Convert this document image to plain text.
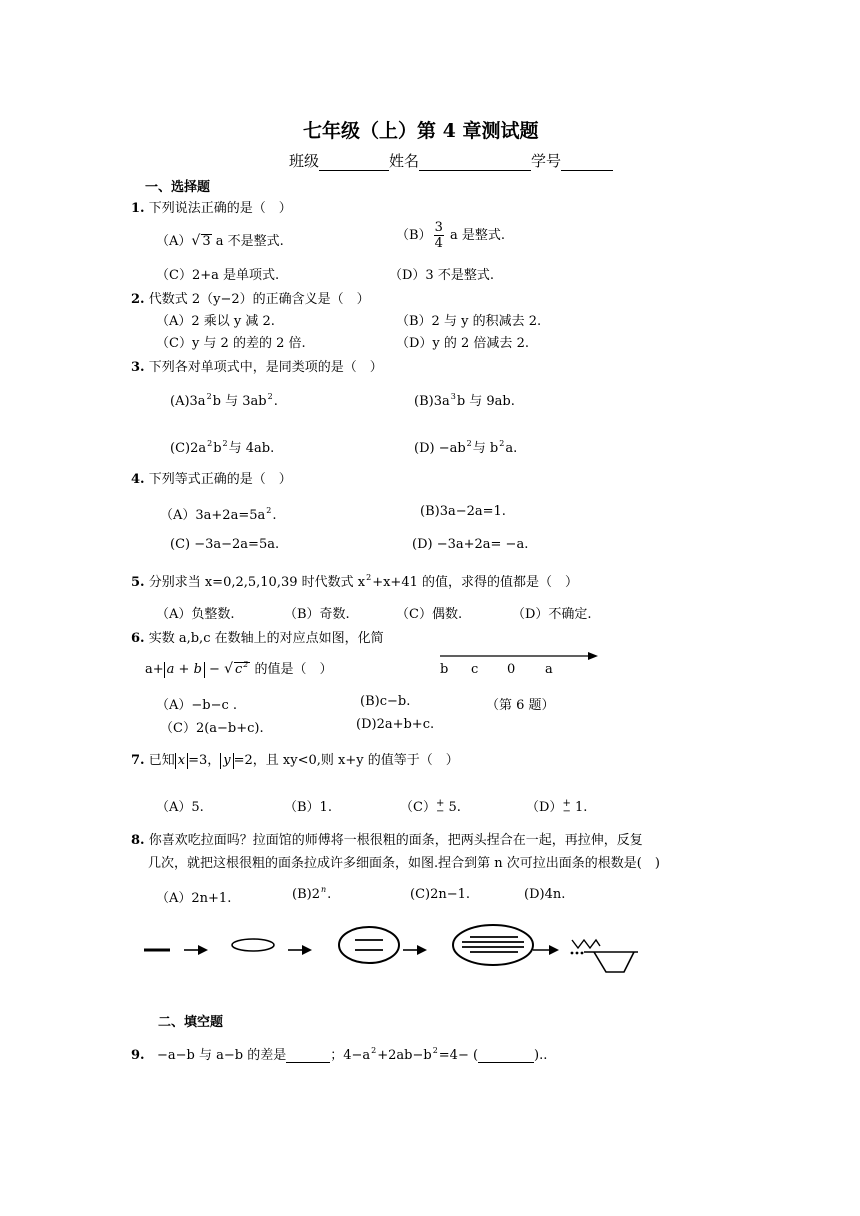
七年级（上）第 4 章测试题
班级	姓名	学号
一、选择题
1. 下列说法正确的是（　）
（A）√ 3 a 不是整式.	$(B) \frac{3}{4}$ a 是整式.
（C）2+a 是单项式.	（D）3 不是整式.
2. 代数式 2（y−2）的正确含义是（　）
（A）2 乘以 y 减 2.	（B）2 与 y 的积减去 2.
（C）y 与 2 的差的 2 倍.	（D）y 的 2 倍减去 2.
3. 下列各对单项式中，是同类项的是（　）
$(A)3a^2b$ 与 $3ab^2$.	$(B)3a^3b$ 与 9ab.
$(C)2a^2b^2$与 4ab.	$(D) -ab^2$与 $b^2a$.
4. 下列等式正确的是（　）
$(A)3a+2a=5a^2$.	(B)3a−2a=1.
(C) −3a−2a=5a.	(D) −3a+2a= −a.
5. 分别求当 x=0,2,5,10,39 时代数式 $x^2+x+41$ 的值，求得的值都是（　）
（A）负整数.	（B）奇数.	（C）偶数.	（D）不确定.
6. 实数 a,b,c 在数轴上的对应点如图，化简
a+ a + b − √ $c^2$ 的值是（　）	b c 0 a
（A）−b−c .	(B)c−b.	（第 6 题）
（C）2(a−b+c).	(D)2a+b+c.
7. 已知 x =3， y =2，且 xy<0,则 x+y 的值等于（　）
（A）5.	（B）1.	（C） +
− 5.	（D） +
− 1.
8. 你喜欢吃拉面吗？拉面馆的师傅将一根很粗的面条，把两头捏合在一起，再拉伸，反复
几次，就把这根很粗的面条拉成许多细面条，如图.捏合到第 n 次可拉出面条的根数是(　)
（A）2n+1.	(B)2$^n$.	(C)2n−1.	(D)4n.
二、填空题
9. −a−b 与 a−b 的差是	；$4-a^2+2ab-b^2=4-$ (	)..
